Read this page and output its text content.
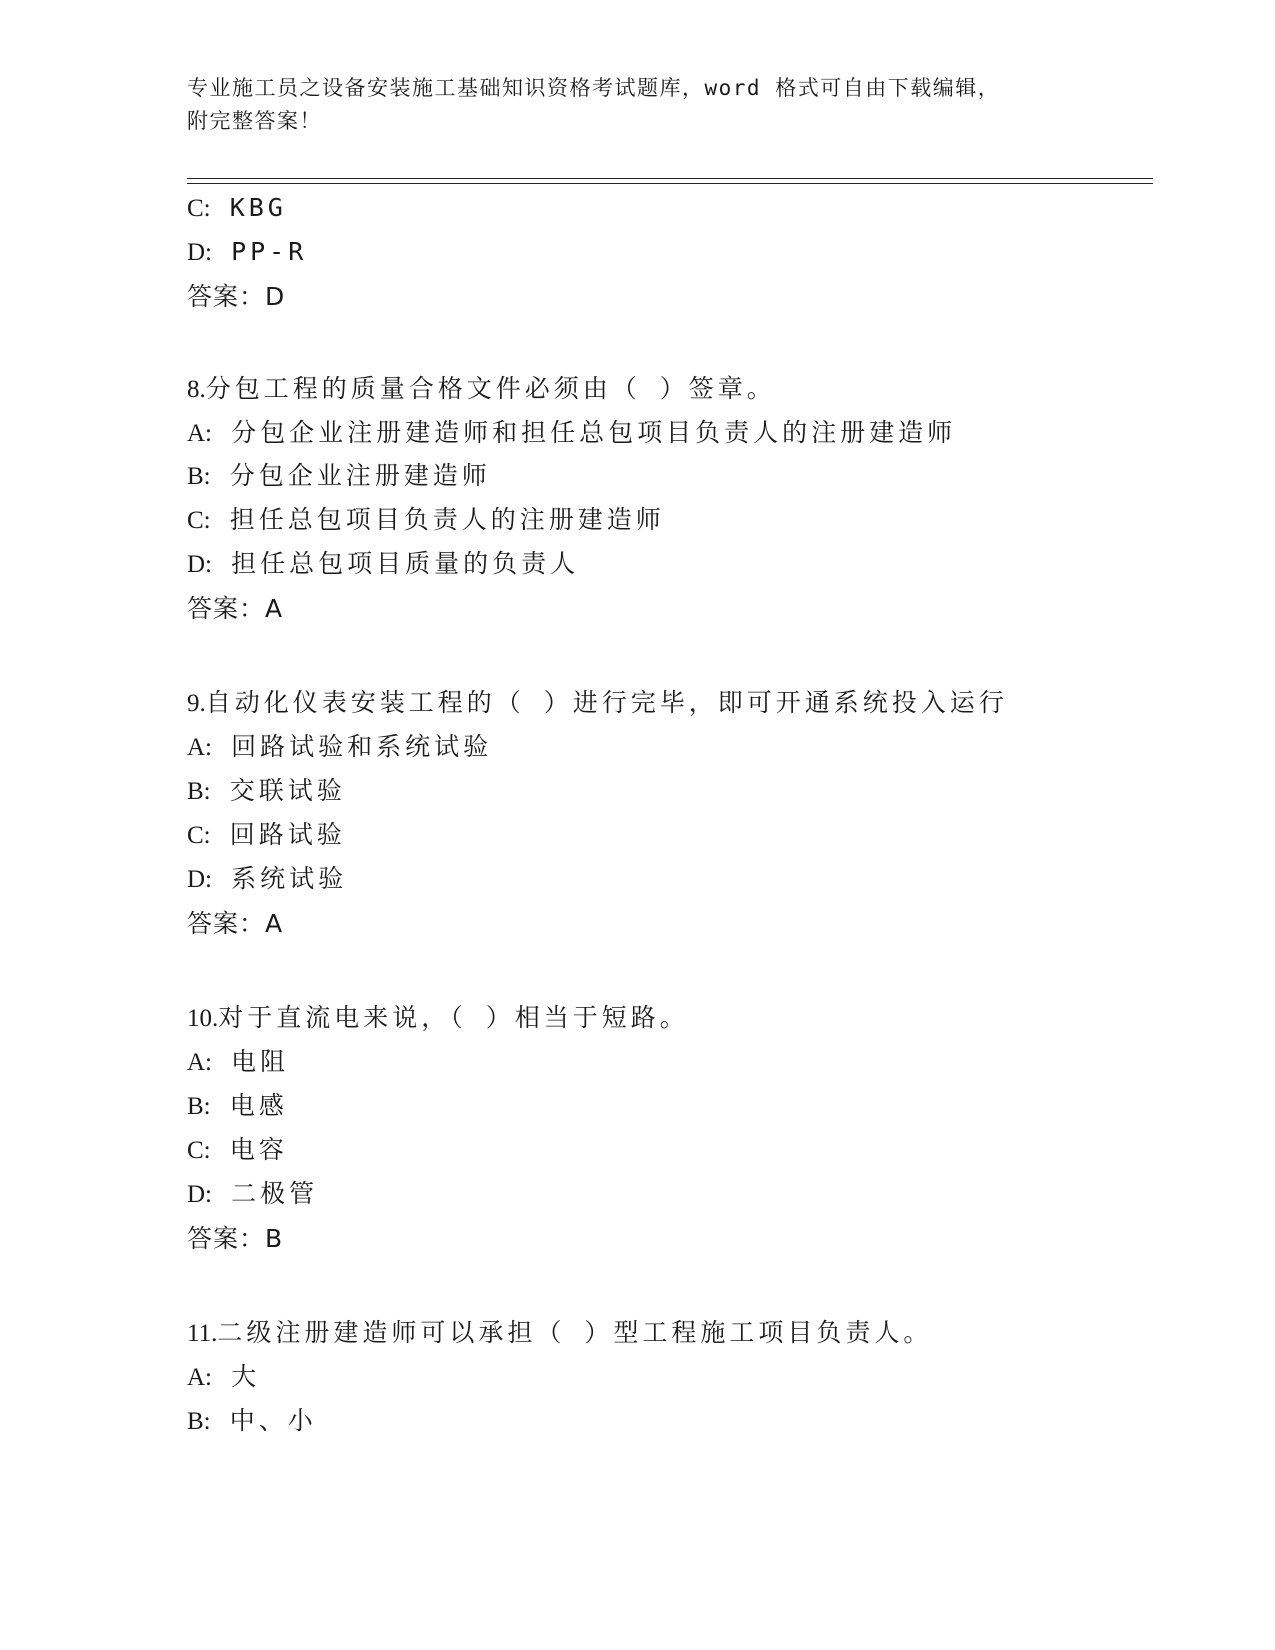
专业施工员之设备安装施工基础知识资格考试题库，word 格式可自由下载编辑，
附完整答案！
C: KBG
D: PP-R
答案：D
8.分包工程的质量合格文件必须由（ ）签章。
A: 分包企业注册建造师和担任总包项目负责人的注册建造师
B: 分包企业注册建造师
C: 担任总包项目负责人的注册建造师
D: 担任总包项目质量的负责人
答案：A
9.自动化仪表安装工程的（ ）进行完毕，即可开通系统投入运行
A: 回路试验和系统试验
B: 交联试验
C: 回路试验
D: 系统试验
答案：A
10.对于直流电来说，（ ）相当于短路。
A: 电阻
B: 电感
C: 电容
D: 二极管
答案：B
11.二级注册建造师可以承担（ ）型工程施工项目负责人。
A: 大
B: 中、小
